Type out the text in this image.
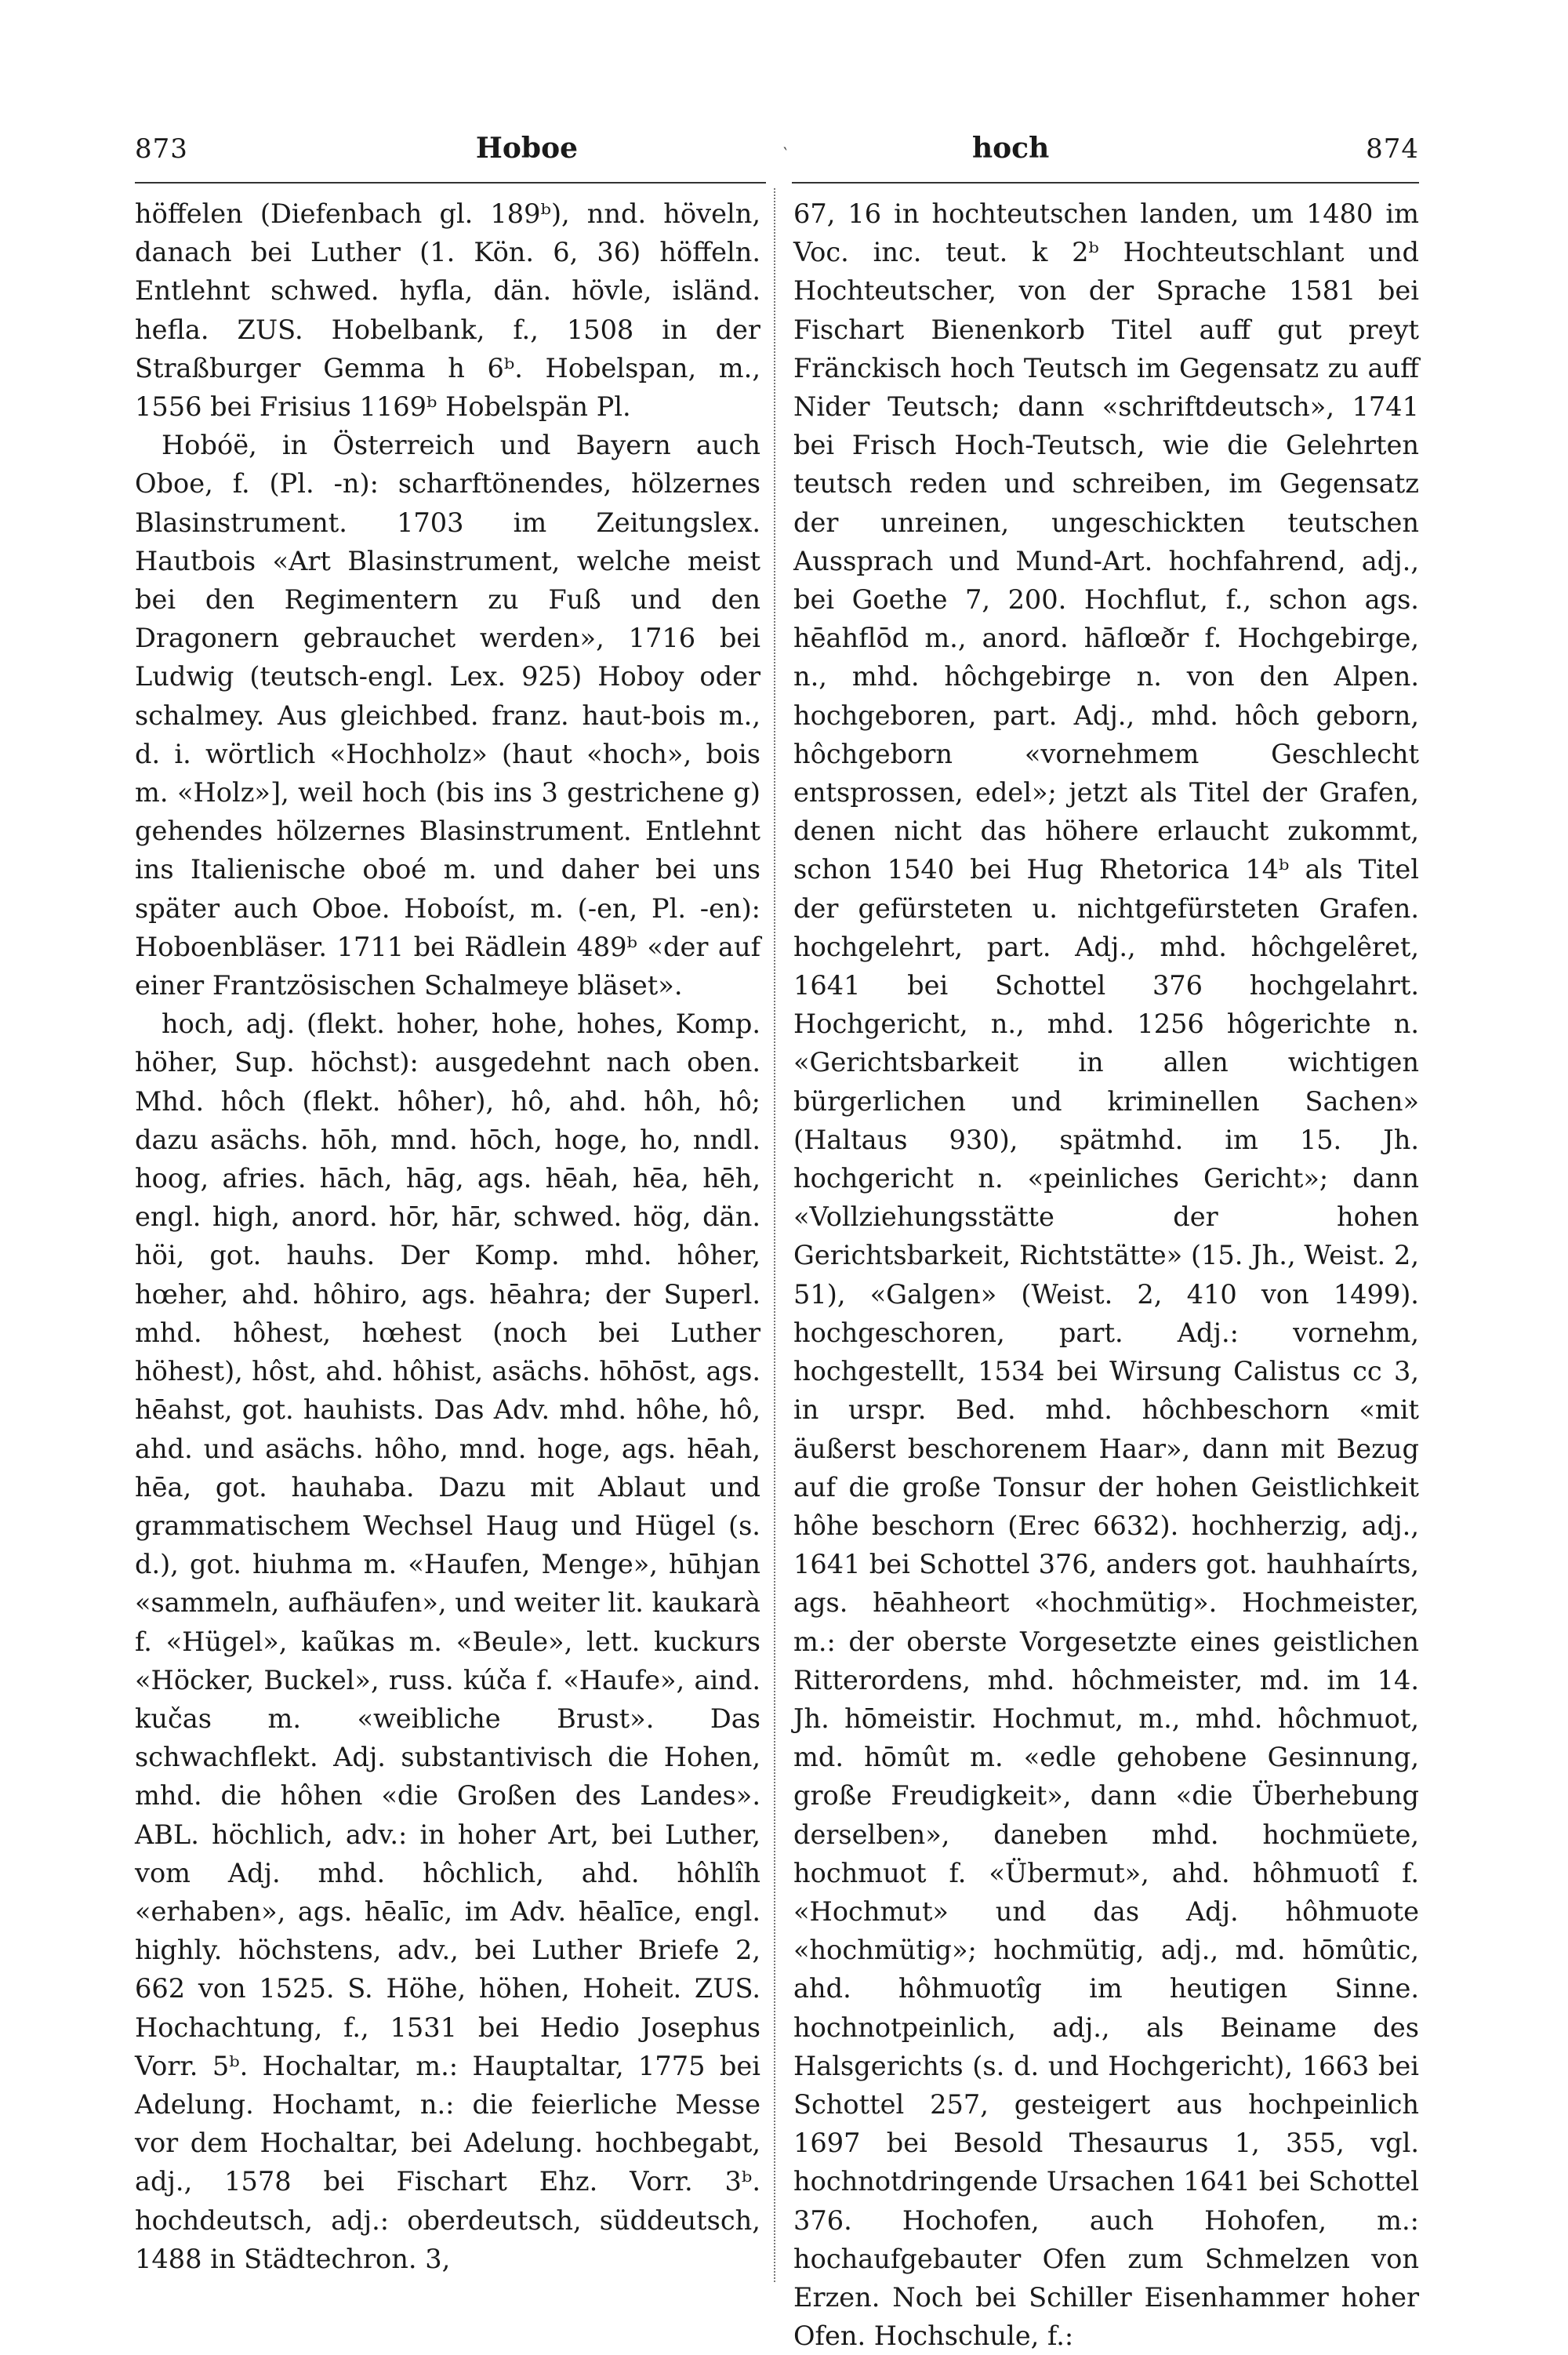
‵
873	Hoboe	hoch	874

höffelen (Diefenbach gl. 189ᵇ), nnd. höveln, danach bei Luther (1. Kön. 6, 36) höffeln. Entlehnt schwed. hyfla, dän. hövle, isländ. hefla. ZUS. Hobelbank, f., 1508 in der Straßburger Gemma h 6ᵇ. Hobelspan, m., 1556 bei Frisius 1169ᵇ Hobelspän Pl.

Hobóë, in Österreich und Bayern auch Oboe, f. (Pl. -n): scharftönendes, hölzernes Blasinstrument. 1703 im Zeitungslex. Hautbois «Art Blasinstrument, welche meist bei den Regimentern zu Fuß und den Dragonern gebrauchet werden», 1716 bei Ludwig (teutsch-engl. Lex. 925) Hoboy oder schalmey. Aus gleichbed. franz. haut-bois m., d. i. wörtlich «Hochholz» (haut «hoch», bois m. «Holz»], weil hoch (bis ins 3 gestrichene g) gehendes hölzernes Blasinstrument. Entlehnt ins Italienische oboé m. und daher bei uns später auch Oboe. Hoboíst, m. (-en, Pl. -en): Hoboenbläser. 1711 bei Rädlein 489ᵇ «der auf einer Frantzösischen Schalmeye bläset».

hoch, adj. (flekt. hoher, hohe, hohes, Komp. höher, Sup. höchst): ausgedehnt nach oben. Mhd. hôch (flekt. hôher), hô, ahd. hôh, hô; dazu asächs. hōh, mnd. hōch, hoge, ho, nndl. hoog, afries. hāch, hāg, ags. hēah, hēa, hēh, engl. high, anord. hōr, hār, schwed. hög, dän. höi, got. hauhs. Der Komp. mhd. hôher, hœher, ahd. hôhiro, ags. hēahra; der Superl. mhd. hôhest, hœhest (noch bei Luther höhest), hôst, ahd. hôhist, asächs. hōhōst, ags. hēahst, got. hauhists. Das Adv. mhd. hôhe, hô, ahd. und asächs. hôho, mnd. hoge, ags. hēah, hēa, got. hauhaba. Dazu mit Ablaut und grammatischem Wechsel Haug und Hügel (s. d.), got. hiuhma m. «Haufen, Menge», hūhjan «sammeln, aufhäufen», und weiter lit. kaukarà f. «Hügel», kaũkas m. «Beule», lett. kuckurs «Höcker, Buckel», russ. kúča f. «Haufe», aind. kučas m. «weibliche Brust». Das schwachflekt. Adj. substantivisch die Hohen, mhd. die hôhen «die Großen des Landes». ABL. höchlich, adv.: in hoher Art, bei Luther, vom Adj. mhd. hôchlich, ahd. hôhlîh «erhaben», ags. hēalīc, im Adv. hēalīce, engl. highly. höchstens, adv., bei Luther Briefe 2, 662 von 1525. S. Höhe, höhen, Hoheit. ZUS. Hochachtung, f., 1531 bei Hedio Josephus Vorr. 5ᵇ. Hochaltar, m.: Hauptaltar, 1775 bei Adelung. Hochamt, n.: die feierliche Messe vor dem Hochaltar, bei Adelung. hochbegabt, adj., 1578 bei Fischart Ehz. Vorr. 3ᵇ. hochdeutsch, adj.: oberdeutsch, süddeutsch, 1488 in Städtechron. 3,

67, 16 in hochteutschen landen, um 1480 im Voc. inc. teut. k 2ᵇ Hochteutschlant und Hochteutscher, von der Sprache 1581 bei Fischart Bienenkorb Titel auff gut preyt Fränckisch hoch Teutsch im Gegensatz zu auff Nider Teutsch; dann «schriftdeutsch», 1741 bei Frisch Hoch-Teutsch, wie die Gelehrten teutsch reden und schreiben, im Gegensatz der unreinen, ungeschickten teutschen Aussprach und Mund-Art. hochfahrend, adj., bei Goethe 7, 200. Hochflut, f., schon ags. hēahflōd m., anord. hāflœðr f. Hochgebirge, n., mhd. hôchgebirge n. von den Alpen. hochgeboren, part. Adj., mhd. hôch geborn, hôchgeborn «vornehmem Geschlecht entsprossen, edel»; jetzt als Titel der Grafen, denen nicht das höhere erlaucht zukommt, schon 1540 bei Hug Rhetorica 14ᵇ als Titel der gefürsteten u. nichtgefürsteten Grafen. hochgelehrt, part. Adj., mhd. hôchgelêret, 1641 bei Schottel 376 hochgelahrt. Hochgericht, n., mhd. 1256 hôgerichte n. «Gerichtsbarkeit in allen wichtigen bürgerlichen und kriminellen Sachen» (Haltaus 930), spätmhd. im 15. Jh. hochgericht n. «peinliches Gericht»; dann «Vollziehungsstätte der hohen Gerichtsbarkeit, Richtstätte» (15. Jh., Weist. 2, 51), «Galgen» (Weist. 2, 410 von 1499). hochgeschoren, part. Adj.: vornehm, hochgestellt, 1534 bei Wirsung Calistus cc 3, in urspr. Bed. mhd. hôchbeschorn «mit äußerst beschorenem Haar», dann mit Bezug auf die große Tonsur der hohen Geistlichkeit hôhe beschorn (Erec 6632). hochherzig, adj., 1641 bei Schottel 376, anders got. hauhhaírts, ags. hēahheort «hochmütig». Hochmeister, m.: der oberste Vorgesetzte eines geistlichen Ritterordens, mhd. hôchmeister, md. im 14. Jh. hōmeistir. Hochmut, m., mhd. hôchmuot, md. hōmût m. «edle gehobene Gesinnung, große Freudigkeit», dann «die Überhebung derselben», daneben mhd. hochmüete, hochmuot f. «Übermut», ahd. hôhmuotî f. «Hochmut» und das Adj. hôhmuote «hochmütig»; hochmütig, adj., md. hōmûtic, ahd. hôhmuotîg im heutigen Sinne. hochnotpeinlich, adj., als Beiname des Halsgerichts (s. d. und Hochgericht), 1663 bei Schottel 257, gesteigert aus hochpeinlich 1697 bei Besold Thesaurus 1, 355, vgl. hochnotdringende Ursachen 1641 bei Schottel 376. Hochofen, auch Hohofen, m.: hochaufgebauter Ofen zum Schmelzen von Erzen. Noch bei Schiller Eisenhammer hoher Ofen. Hochschule, f.:
